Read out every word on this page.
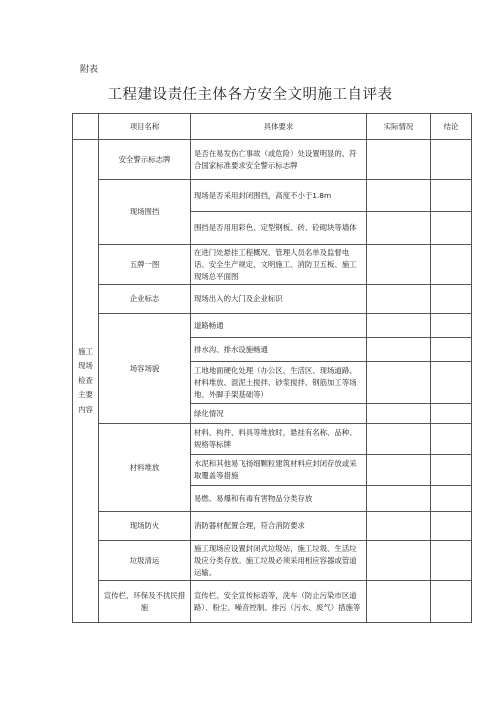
附表
工程建设责任主体各方安全文明施工自评表
	项目名称	具体要求	实际情况	结论
施工现场检查主要内容	安全警示标志牌	是否在易发伤亡事故（或危险）处设置明显的、符合国家标准要求安全警示标志牌		
	现场围挡	现场是否采用封闭围挡，高度不小于1.8m		
		围挡是否用用彩色、定型钢板、砖、砼砌块等墙体		
	五牌一图	在进门处悬挂工程概况、管理人员名单及监督电话、安全生产规定、文明施工、消防卫五板、施工现场总平面图		
	企业标志	现场出入的大门及企业标识		
	场容场貌	道路畅通		
		排水沟、排水设施畅通		
		工地地面硬化处理（办公区、生活区、现场道路、材料堆放、混泥土搅拌、砂浆搅拌、钢筋加工等场地、外脚手架基础等）		
		绿化情况		
	材料堆放	材料、构件、料具等堆放时，悬挂有名称、品种、规格等标牌		
		水泥和其他易飞扬细颗粒建筑材料应封闭存放或采取覆盖等措施		
		易燃、易爆和有毒有害物品分类存放		
	现场防火	消防器材配置合理，符合消防要求		
	垃圾清运	施工现场应设置封闭式垃圾站，施工垃圾、生活垃圾应分类存放。施工垃圾必须采用相应容器或管道运输。		
	宣传栏、环保及不扰民措施	宣传栏、安全宣传标语等，洗车（防止污染市区道路）、粉尘、噪音控制、排污（污水、废气）措施等		
